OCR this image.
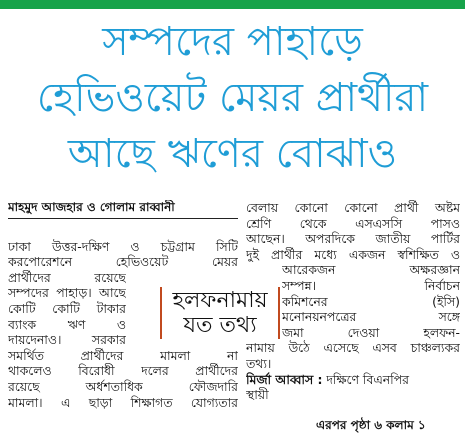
সম্পদের পাহাড়ে
হেভিওয়েট মেয়র প্রার্থীরা
আছে ঋণের বোঝাও
মাহমুদ আজহার ও গোলাম রাব্বানী
ঢাকা উত্তর-দক্ষিণ ও চট্টগ্রাম সিটি
করপোরেশনে হেভিওয়েট মেয়র
প্রার্থীদের রয়েছে
সম্পদের পাহাড়। আছে
কোটি কোটি টাকার
ব্যাংক ঋণ ও
দায়দেনাও। সরকার
সমর্থিত প্রার্থীদের মামলা না
থাকলেও বিরোধী দলের প্রার্থীদের
রয়েছে অর্ধশতাধিক ফৌজদারি
মামলা। এ ছাড়া শিক্ষাগত যোগ্যতার
বেলায় কোনো কোনো প্রার্থী অষ্টম
শ্রেণি থেকে এসএসসি পাসও
আছেন। অপরদিকে জাতীয় পার্টির
দুই প্রার্থীর মধ্যে একজন স্বশিক্ষিত ও
আরেকজন অক্ষরজ্ঞান
সম্পন্ন। নির্বাচন
কমিশনের (ইসি)
মনোনয়নপত্রের সঙ্গে
জমা দেওয়া হলফন-
নামায় উঠে এসেছে এসব চাঞ্চল্যকর
তথ্য।
মির্জা আব্বাস : দক্ষিণে বিএনপির
স্থায়ী
হলফনামায়
যত তথ্য
এরপর পৃষ্ঠা ৬ কলাম ১
